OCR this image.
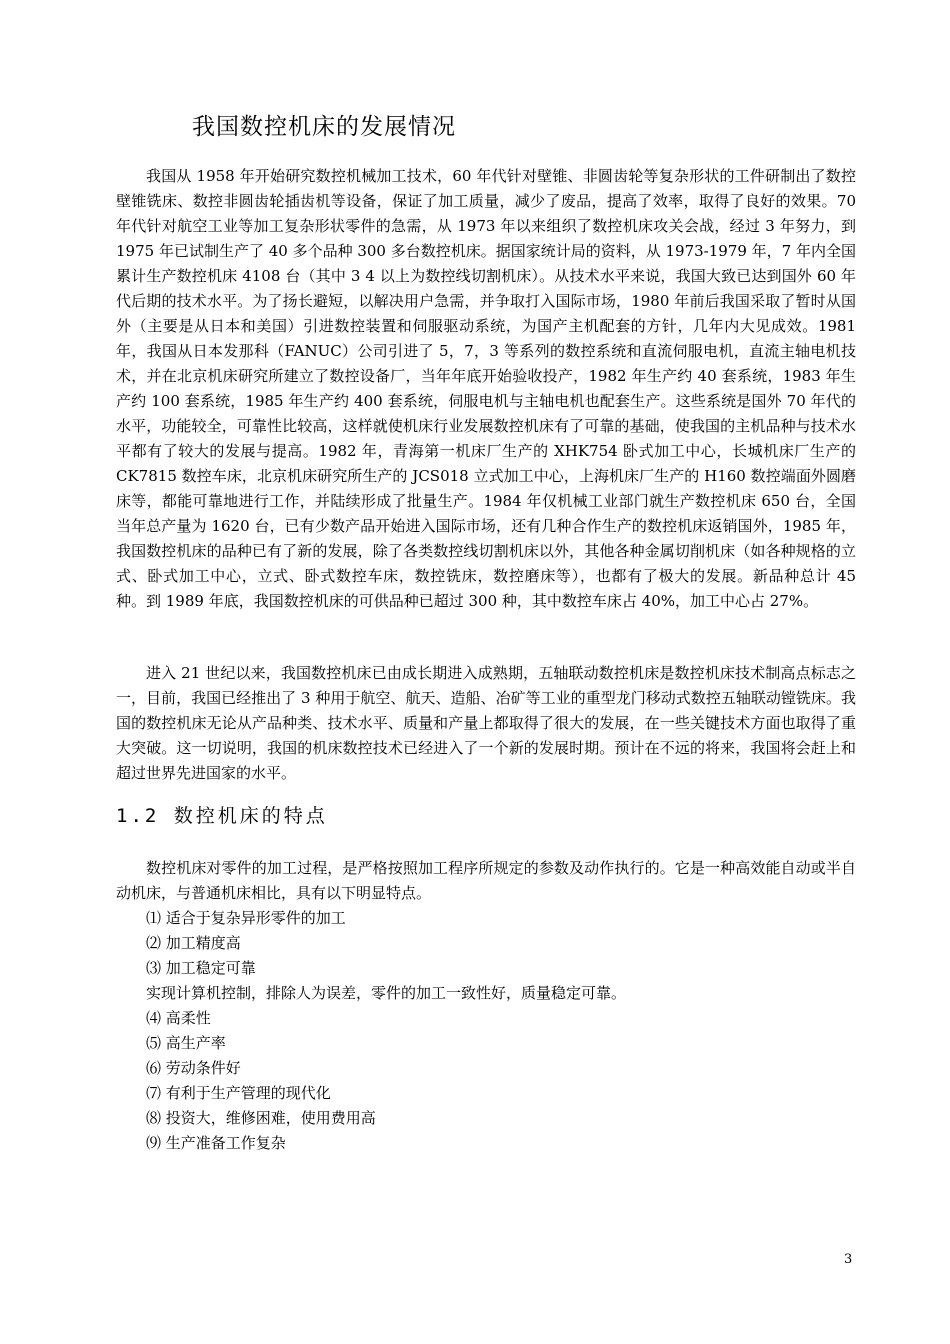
我国数控机床的发展情况

我国从 1958 年开始研究数控机械加工技术，60 年代针对壁锥、非圆齿轮等复杂形状的工件研制出了数控壁锥铣床、数控非圆齿轮插齿机等设备，保证了加工质量，减少了废品，提高了效率，取得了良好的效果。70 年代针对航空工业等加工复杂形状零件的急需，从 1973 年以来组织了数控机床攻关会战，经过 3 年努力，到 1975 年已试制生产了 40 多个品种 300 多台数控机床。据国家统计局的资料，从 1973-1979 年，7 年内全国累计生产数控机床 4108 台（其中 3 4 以上为数控线切割机床）。从技术水平来说，我国大致已达到国外 60 年代后期的技术水平。为了扬长避短，以解决用户急需，并争取打入国际市场，1980 年前后我国采取了暂时从国外（主要是从日本和美国）引进数控装置和伺服驱动系统，为国产主机配套的方针，几年内大见成效。1981 年，我国从日本发那科（FANUC）公司引进了 5，7，3 等系列的数控系统和直流伺服电机，直流主轴电机技术，并在北京机床研究所建立了数控设备厂，当年年底开始验收投产，1982 年生产约 40 套系统，1983 年生产约 100 套系统，1985 年生产约 400 套系统，伺服电机与主轴电机也配套生产。这些系统是国外 70 年代的水平，功能较全，可靠性比较高，这样就使机床行业发展数控机床有了可靠的基础，使我国的主机品种与技术水平都有了较大的发展与提高。1982 年，青海第一机床厂生产的 XHK754 卧式加工中心，长城机床厂生产的 CK7815 数控车床，北京机床研究所生产的 JCS018 立式加工中心，上海机床厂生产的 H160 数控端面外圆磨床等，都能可靠地进行工作，并陆续形成了批量生产。1984 年仅机械工业部门就生产数控机床 650 台，全国当年总产量为 1620 台，已有少数产品开始进入国际市场，还有几种合作生产的数控机床返销国外，1985 年，我国数控机床的品种已有了新的发展，除了各类数控线切割机床以外，其他各种金属切削机床（如各种规格的立式、卧式加工中心，立式、卧式数控车床，数控铣床，数控磨床等），也都有了极大的发展。新品种总计 45 种。到 1989 年底，我国数控机床的可供品种已超过 300 种，其中数控车床占 40%，加工中心占 27%。

进入 21 世纪以来，我国数控机床已由成长期进入成熟期，五轴联动数控机床是数控机床技术制高点标志之一，目前，我国已经推出了 3 种用于航空、航天、造船、冶矿等工业的重型龙门移动式数控五轴联动镗铣床。我国的数控机床无论从产品种类、技术水平、质量和产量上都取得了很大的发展，在一些关键技术方面也取得了重大突破。这一切说明，我国的机床数控技术已经进入了一个新的发展时期。预计在不远的将来，我国将会赶上和超过世界先进国家的水平。

1.2 数控机床的特点

数控机床对零件的加工过程，是严格按照加工程序所规定的参数及动作执行的。它是一种高效能自动或半自动机床，与普通机床相比，具有以下明显特点。

⑴ 适合于复杂异形零件的加工
⑵ 加工精度高
⑶ 加工稳定可靠
实现计算机控制，排除人为误差，零件的加工一致性好，质量稳定可靠。
⑷ 高柔性
⑸ 高生产率
⑹ 劳动条件好
⑺ 有利于生产管理的现代化
⑻ 投资大，维修困难，使用费用高
⑼ 生产准备工作复杂
3
